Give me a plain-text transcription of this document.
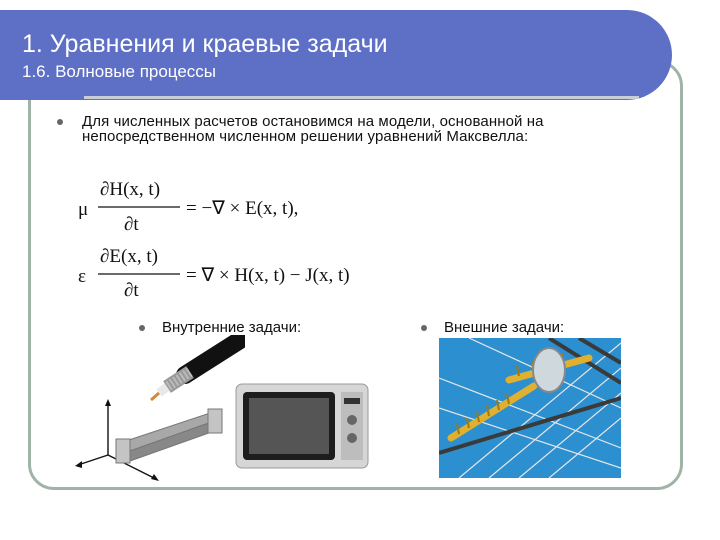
1. Уравнения и краевые задачи
1.6. Волновые процессы

Для численных расчетов остановимся на модели, основанной на непосредственном численном решении уравнений Максвелла:

μ
∂H(x, t)
∂t
= −∇ × E(x, t),
ε
∂E(x, t)
∂t
= ∇ × H(x, t) − J(x, t)
Внутренние задачи:	Внешние задачи:
